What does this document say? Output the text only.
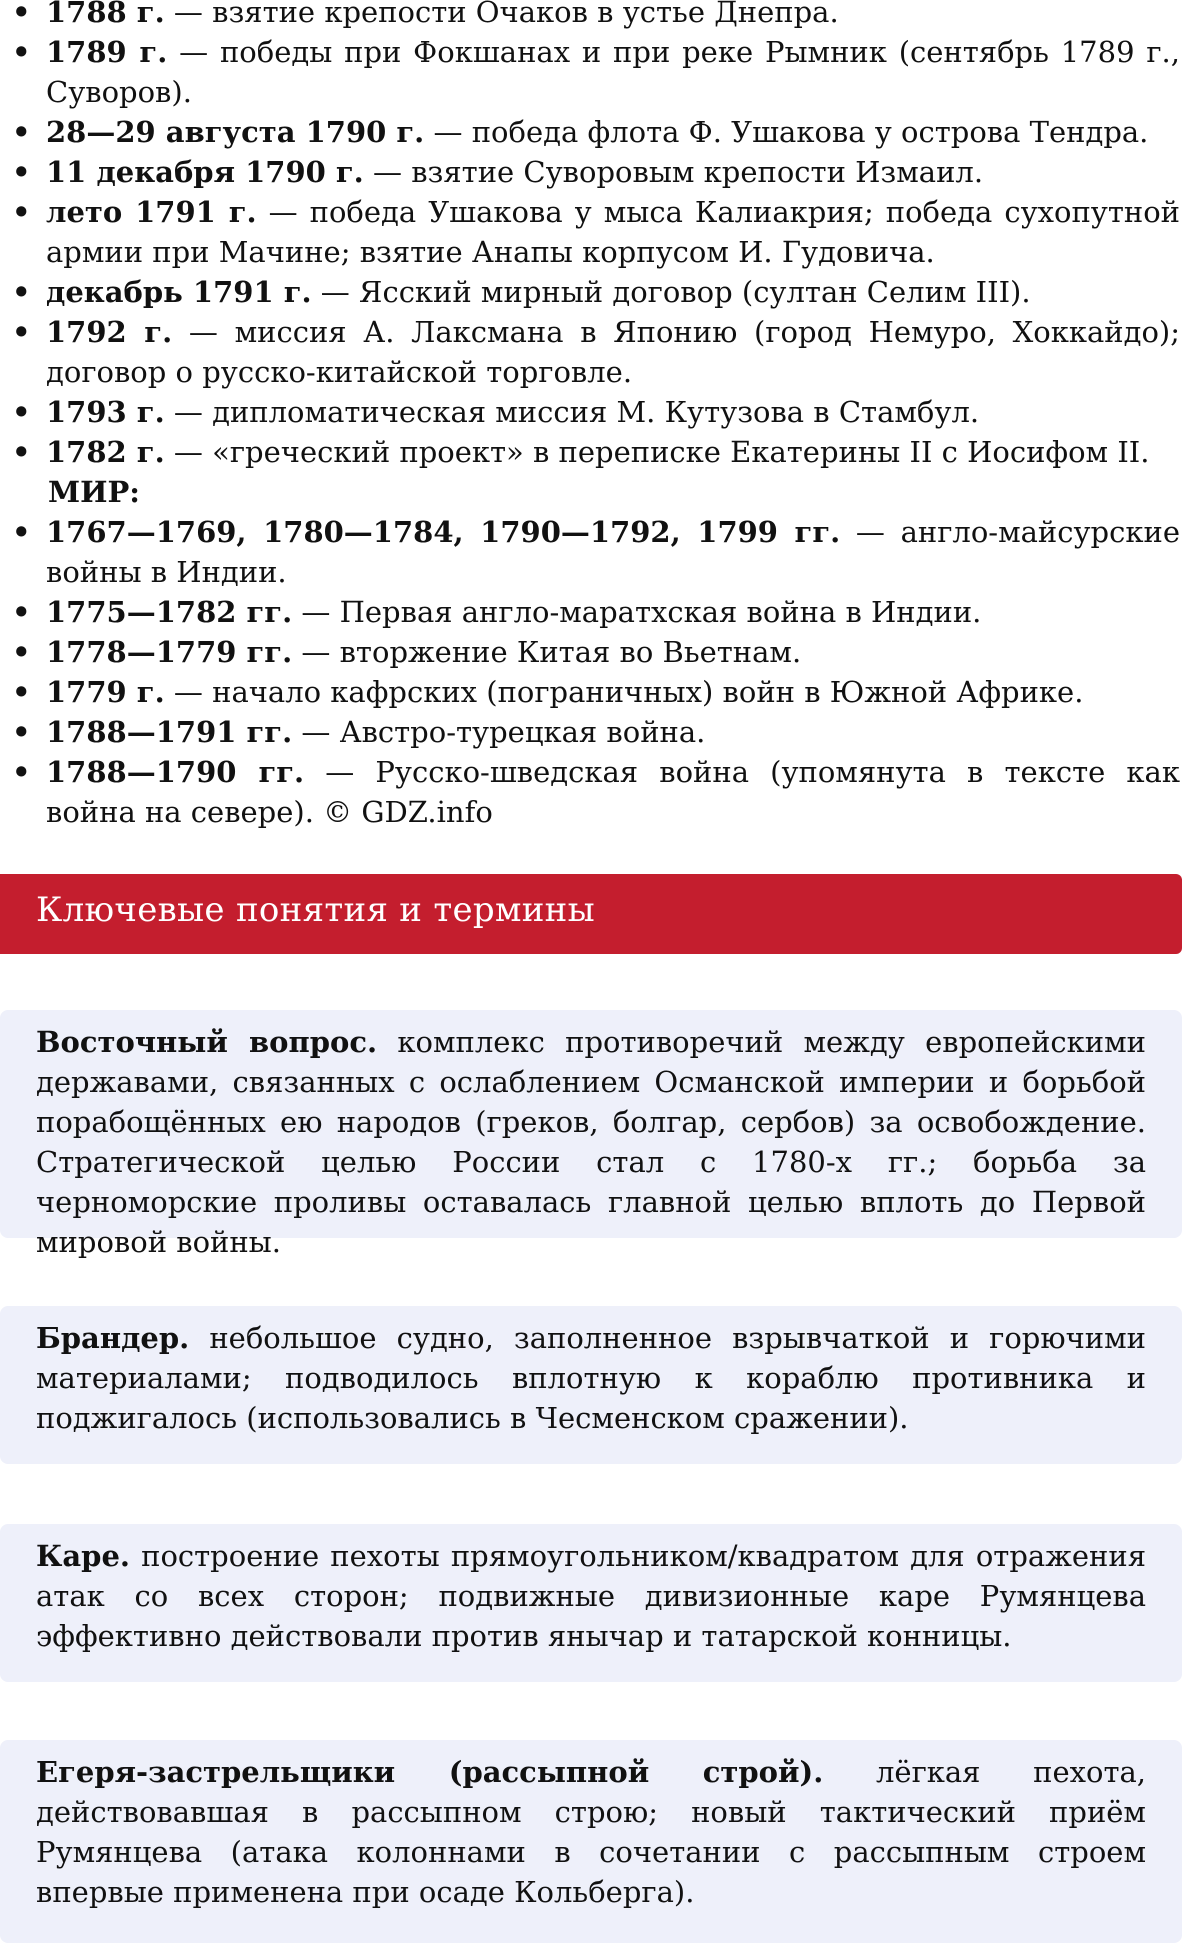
• 1788 г. — взятие крепости Очаков в устье Днепра.
• 1789 г. — победы при Фокшанах и при реке Рымник (сентябрь 1789 г., Суворов).
• 28—29 августа 1790 г. — победа флота Ф. Ушакова у острова Тендра.
• 11 декабря 1790 г. — взятие Суворовым крепости Измаил.
• лето 1791 г. — победа Ушакова у мыса Калиакрия; победа сухопутной армии при Мачине; взятие Анапы корпусом И. Гудовича.
• декабрь 1791 г. — Ясский мирный договор (султан Селим III).
• 1792 г. — миссия А. Лаксмана в Японию (город Немуро, Хоккайдо); договор о русско-китайской торговле.
• 1793 г. — дипломатическая миссия М. Кутузова в Стамбул.
• 1782 г. — «греческий проект» в переписке Екатерины II с Иосифом II.
МИР:
• 1767—1769, 1780—1784, 1790—1792, 1799 гг. — англо-майсурские войны в Индии.
• 1775—1782 гг. — Первая англо-маратхская война в Индии.
• 1778—1779 гг. — вторжение Китая во Вьетнам.
• 1779 г. — начало кафрских (пограничных) войн в Южной Африке.
• 1788—1791 гг. — Австро-турецкая война.
• 1788—1790 гг. — Русско-шведская война (упомянута в тексте как война на севере). © GDZ.info
Ключевые понятия и термины

Восточный вопрос. комплекс противоречий между европейскими державами, связанных с ослаблением Османской империи и борьбой порабощённых ею народов (греков, болгар, сербов) за освобождение. Стратегической целью России стал с 1780-х гг.; борьба за черноморские проливы оставалась главной целью вплоть до Первой мировой войны.

Брандер. небольшое судно, заполненное взрывчаткой и горючими материалами; подводилось вплотную к кораблю противника и поджигалось (использовались в Чесменском сражении).

Каре. построение пехоты прямоугольником/квадратом для отражения атак со всех сторон; подвижные дивизионные каре Румянцева эффективно действовали против янычар и татарской конницы.

Егеря-застрельщики (рассыпной строй). лёгкая пехота, действовавшая в рассыпном строю; новый тактический приём Румянцева (атака колоннами в сочетании с рассыпным строем впервые применена при осаде Кольберга).
